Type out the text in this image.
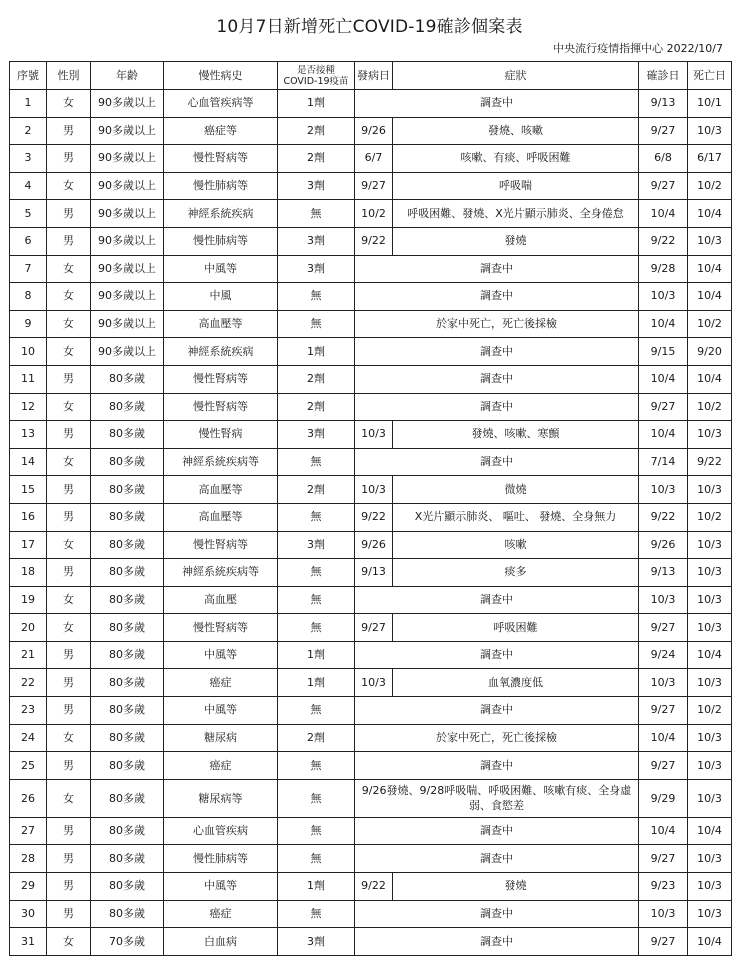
10月7日新增死亡COVID-19確診個案表
中央流行疫情指揮中心 2022/10/7
序號	性別	年齡	慢性病史	是否接種
COVID-19疫苗	發病日	症狀	確診日	死亡日
1	女	90多歲以上	心血管疾病等	1劑	調查中		9/13	10/1
2	男	90多歲以上	癌症等	2劑	9/26	發燒、咳嗽	9/27	10/3
3	男	90多歲以上	慢性腎病等	2劑	6/7	咳嗽、有痰、呼吸困難	6/8	6/17
4	女	90多歲以上	慢性肺病等	3劑	9/27	呼吸喘	9/27	10/2
5	男	90多歲以上	神經系統疾病	無	10/2	呼吸困難、發燒、X光片顯示肺炎、全身倦怠	10/4	10/4
6	男	90多歲以上	慢性肺病等	3劑	9/22	發燒	9/22	10/3
7	女	90多歲以上	中風等	3劑	調查中		9/28	10/4
8	女	90多歲以上	中風	無	調查中		10/3	10/4
9	女	90多歲以上	高血壓等	無	於家中死亡，死亡後採檢		10/4	10/2
10	女	90多歲以上	神經系統疾病	1劑	調查中		9/15	9/20
11	男	80多歲	慢性腎病等	2劑	調查中		10/4	10/4
12	女	80多歲	慢性腎病等	2劑	調查中		9/27	10/2
13	男	80多歲	慢性腎病	3劑	10/3	發燒、咳嗽、寒顫	10/4	10/3
14	女	80多歲	神經系統疾病等	無	調查中		7/14	9/22
15	男	80多歲	高血壓等	2劑	10/3	微燒	10/3	10/3
16	男	80多歲	高血壓等	無	9/22	X光片顯示肺炎、 嘔吐、 發燒、全身無力	9/22	10/2
17	女	80多歲	慢性腎病等	3劑	9/26	咳嗽	9/26	10/3
18	男	80多歲	神經系統疾病等	無	9/13	痰多	9/13	10/3
19	女	80多歲	高血壓	無	調查中		10/3	10/3
20	女	80多歲	慢性腎病等	無	9/27	呼吸困難	9/27	10/3
21	男	80多歲	中風等	1劑	調查中		9/24	10/4
22	男	80多歲	癌症	1劑	10/3	血氧濃度低	10/3	10/3
23	男	80多歲	中風等	無	調查中		9/27	10/2
24	女	80多歲	糖尿病	2劑	於家中死亡，死亡後採檢		10/4	10/3
25	男	80多歲	癌症	無	調查中		9/27	10/3
26	女	80多歲	糖尿病等	無	9/26發燒、9/28呼吸喘、呼吸困難、咳嗽有痰、全身虛弱、食慾差		9/29	10/3
27	男	80多歲	心血管疾病	無	調查中		10/4	10/4
28	男	80多歲	慢性肺病等	無	調查中		9/27	10/3
29	男	80多歲	中風等	1劑	9/22	發燒	9/23	10/3
30	男	80多歲	癌症	無	調查中		10/3	10/3
31	女	70多歲	白血病	3劑	調查中		9/27	10/4
